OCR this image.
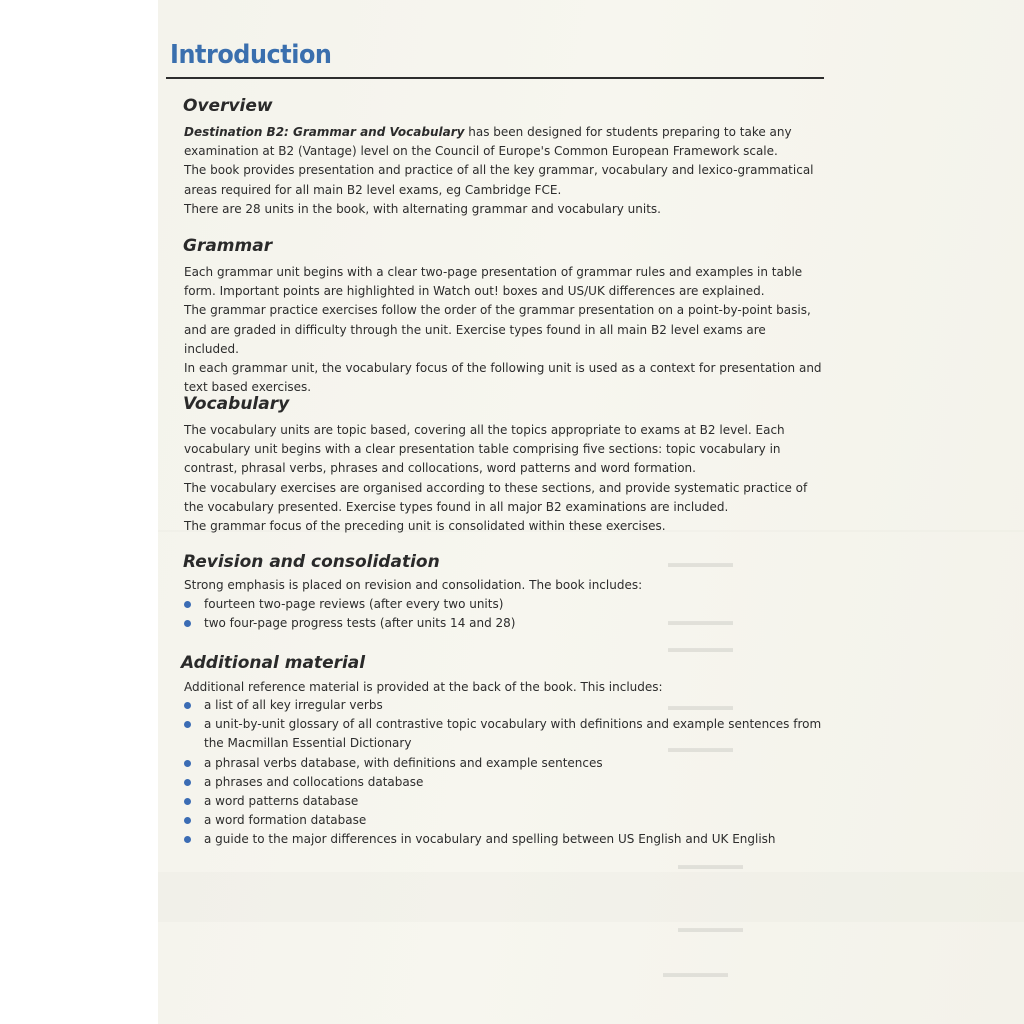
▬▬▬▬▬
▬▬▬▬▬
▬▬▬▬▬
▬▬▬▬▬
▬▬▬▬▬
▬▬▬▬▬
▬▬▬▬▬
▬▬▬▬▬
Introduction
Overview

Destination B2: Grammar and Vocabulary has been designed for students preparing to take any examination at B2 (Vantage) level on the Council of Europe's Common European Framework scale.

The book provides presentation and practice of all the key grammar, vocabulary and lexico-grammatical areas required for all main B2 level exams, eg Cambridge FCE.

There are 28 units in the book, with alternating grammar and vocabulary units.

Grammar

Each grammar unit begins with a clear two-page presentation of grammar rules and examples in table form. Important points are highlighted in Watch out! boxes and US/UK differences are explained.

The grammar practice exercises follow the order of the grammar presentation on a point-by-point basis, and are graded in difficulty through the unit. Exercise types found in all main B2 level exams are included.

In each grammar unit, the vocabulary focus of the following unit is used as a context for presentation and text based exercises.

Vocabulary

The vocabulary units are topic based, covering all the topics appropriate to exams at B2 level. Each vocabulary unit begins with a clear presentation table comprising five sections: topic vocabulary in contrast, phrasal verbs, phrases and collocations, word patterns and word formation.

The vocabulary exercises are organised according to these sections, and provide systematic practice of the vocabulary presented. Exercise types found in all major B2 examinations are included.

The grammar focus of the preceding unit is consolidated within these exercises.

Revision and consolidation
Strong emphasis is placed on revision and consolidation. The book includes:
fourteen two-page reviews (after every two units)
two four-page progress tests (after units 14 and 28)
Additional material
Additional reference material is provided at the back of the book. This includes:
a list of all key irregular verbs
a unit-by-unit glossary of all contrastive topic vocabulary with definitions and example sentences from the Macmillan Essential Dictionary
a phrasal verbs database, with definitions and example sentences
a phrases and collocations database
a word patterns database
a word formation database
a guide to the major differences in vocabulary and spelling between US English and UK English
